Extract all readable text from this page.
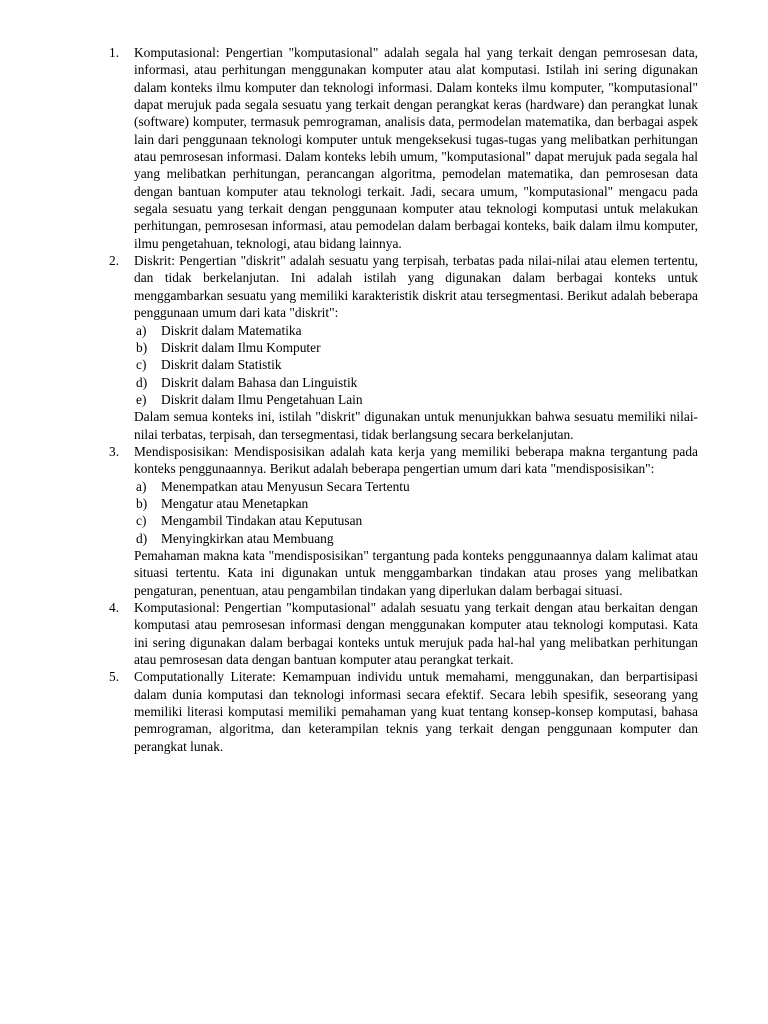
1.	Komputasional: Pengertian "komputasional" adalah segala hal yang terkait dengan pemrosesan data, informasi, atau perhitungan menggunakan komputer atau alat komputasi. Istilah ini sering digunakan dalam konteks ilmu komputer dan teknologi informasi. Dalam konteks ilmu komputer, "komputasional" dapat merujuk pada segala sesuatu yang terkait dengan perangkat keras (hardware) dan perangkat lunak (software) komputer, termasuk pemrograman, analisis data, permodelan matematika, dan berbagai aspek lain dari penggunaan teknologi komputer untuk mengeksekusi tugas-tugas yang melibatkan perhitungan atau pemrosesan informasi. Dalam konteks lebih umum, "komputasional" dapat merujuk pada segala hal yang melibatkan perhitungan, perancangan algoritma, pemodelan matematika, dan pemrosesan data dengan bantuan komputer atau teknologi terkait. Jadi, secara umum, "komputasional" mengacu pada segala sesuatu yang terkait dengan penggunaan komputer atau teknologi komputasi untuk melakukan perhitungan, pemrosesan informasi, atau pemodelan dalam berbagai konteks, baik dalam ilmu komputer, ilmu pengetahuan, teknologi, atau bidang lainnya.
2.	Diskrit: Pengertian "diskrit" adalah sesuatu yang terpisah, terbatas pada nilai-nilai atau elemen tertentu, dan tidak berkelanjutan. Ini adalah istilah yang digunakan dalam berbagai konteks untuk menggambarkan sesuatu yang memiliki karakteristik diskrit atau tersegmentasi. Berikut adalah beberapa penggunaan umum dari kata "diskrit":
a) Diskrit dalam Matematika
b) Diskrit dalam Ilmu Komputer
c) Diskrit dalam Statistik
d) Diskrit dalam Bahasa dan Linguistik
e) Diskrit dalam Ilmu Pengetahuan Lain
Dalam semua konteks ini, istilah "diskrit" digunakan untuk menunjukkan bahwa sesuatu memiliki nilai-nilai terbatas, terpisah, dan tersegmentasi, tidak berlangsung secara berkelanjutan.
3.	Mendisposisikan: Mendisposisikan adalah kata kerja yang memiliki beberapa makna tergantung pada konteks penggunaannya. Berikut adalah beberapa pengertian umum dari kata "mendisposisikan":
a) Menempatkan atau Menyusun Secara Tertentu
b) Mengatur atau Menetapkan
c) Mengambil Tindakan atau Keputusan
d) Menyingkirkan atau Membuang
Pemahaman makna kata "mendisposisikan" tergantung pada konteks penggunaannya dalam kalimat atau situasi tertentu. Kata ini digunakan untuk menggambarkan tindakan atau proses yang melibatkan pengaturan, penentuan, atau pengambilan tindakan yang diperlukan dalam berbagai situasi.
4.	Komputasional: Pengertian "komputasional" adalah sesuatu yang terkait dengan atau berkaitan dengan komputasi atau pemrosesan informasi dengan menggunakan komputer atau teknologi komputasi. Kata ini sering digunakan dalam berbagai konteks untuk merujuk pada hal-hal yang melibatkan perhitungan atau pemrosesan data dengan bantuan komputer atau perangkat terkait.
5.	Computationally Literate: Kemampuan individu untuk memahami, menggunakan, dan berpartisipasi dalam dunia komputasi dan teknologi informasi secara efektif. Secara lebih spesifik, seseorang yang memiliki literasi komputasi memiliki pemahaman yang kuat tentang konsep-konsep komputasi, bahasa pemrograman, algoritma, dan keterampilan teknis yang terkait dengan penggunaan komputer dan perangkat lunak.
